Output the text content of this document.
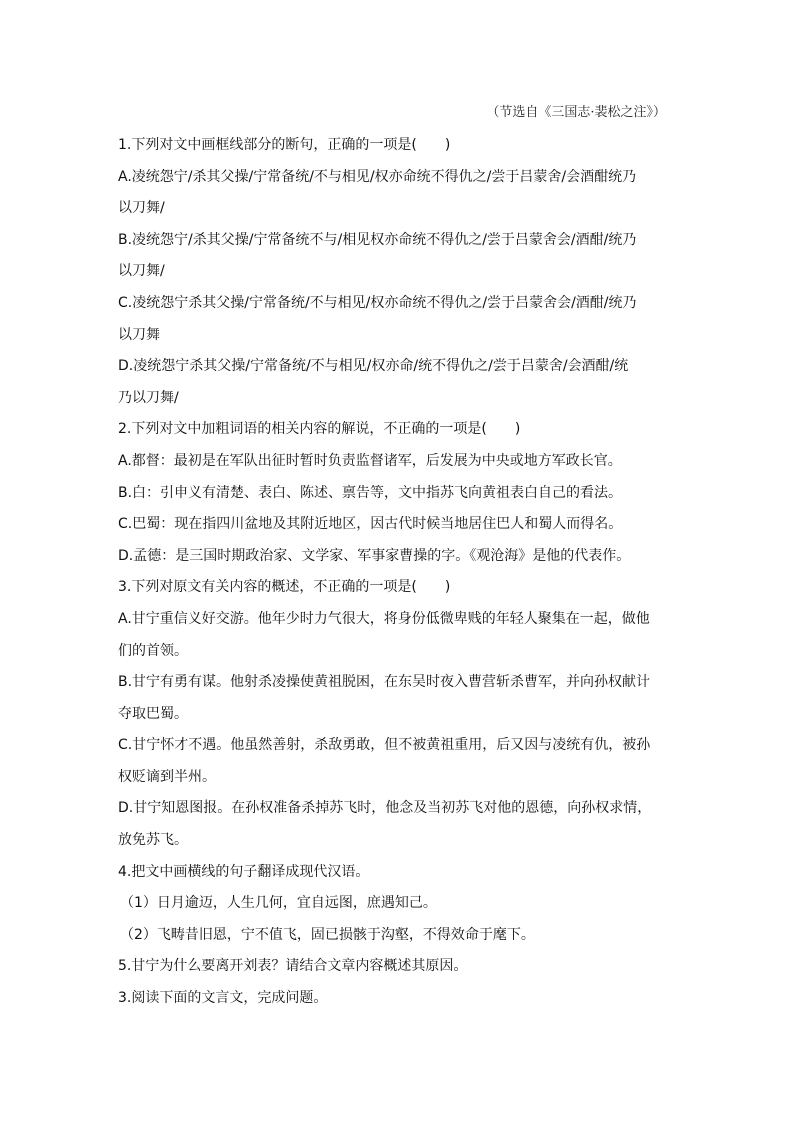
（节选自《三国志·裴松之注》）
1.下列对文中画框线部分的断句，正确的一项是(　　)
A.凌统怨宁/杀其父操/宁常备统/不与相见/权亦命统不得仇之/尝于吕蒙舍/会酒酣统乃
以刀舞/
B.凌统怨宁/杀其父操/宁常备统不与/相见权亦命统不得仇之/尝于吕蒙舍会/酒酣/统乃
以刀舞/
C.凌统怨宁杀其父操/宁常备统/不与相见/权亦命统不得仇之/尝于吕蒙舍会/酒酣/统乃
以刀舞
D.凌统怨宁杀其父操/宁常备统/不与相见/权亦命/统不得仇之/尝于吕蒙舍/会酒酣/统
乃以刀舞/
2.下列对文中加粗词语的相关内容的解说，不正确的一项是(　　)
A.都督：最初是在军队出征时暂时负责监督诸军，后发展为中央或地方军政长官。
B.白：引申义有清楚、表白、陈述、禀告等，文中指苏飞向黄祖表白自己的看法。
C.巴蜀：现在指四川盆地及其附近地区，因古代时候当地居住巴人和蜀人而得名。
D.孟德：是三国时期政治家、文学家、军事家曹操的字。《观沧海》是他的代表作。
3.下列对原文有关内容的概述，不正确的一项是(　　)
A.甘宁重信义好交游。他年少时力气很大，将身份低微卑贱的年轻人聚集在一起，做他
们的首领。
B.甘宁有勇有谋。他射杀凌操使黄祖脱困，在东吴时夜入曹营斩杀曹军，并向孙权献计
夺取巴蜀。
C.甘宁怀才不遇。他虽然善射，杀敌勇敢，但不被黄祖重用，后又因与凌统有仇，被孙
权贬谪到半州。
D.甘宁知恩图报。在孙权准备杀掉苏飞时，他念及当初苏飞对他的恩德，向孙权求情，
放免苏飞。
4.把文中画横线的句子翻译成现代汉语。
（1）日月逾迈，人生几何，宜自远图，庶遇知己。
（2）飞畴昔旧恩，宁不值飞，固已损骸于沟壑，不得效命于麾下。
5.甘宁为什么要离开刘表？请结合文章内容概述其原因。
3.阅读下面的文言文，完成问题。
